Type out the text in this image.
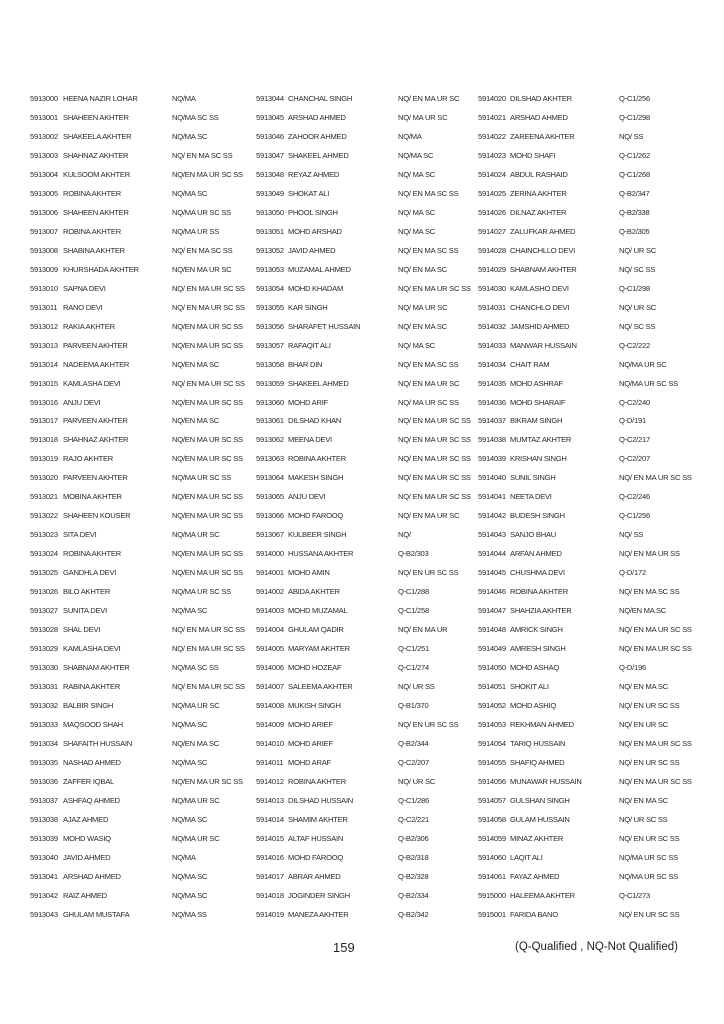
5913000 HEENA NAZIR LOHAR	NQ/MA
5913001 SHAHEEN AKHTER	NQ/MA SC SS
5913002 SHAKEELA AKHTER	NQ/MA SC
5913003 SHAHNAZ AKHTER	NQ/ EN MA SC SS
5913004 KULSOOM AKHTER	NQ/EN MA UR SC SS
5913005 ROBINA AKHTER	NQ/MA SC
5913006 SHAHEEN AKHTER	NQ/MA UR SC SS
5913007 ROBINA AKHTER	NQ/MA UR SS
5913008 SHABINA AKHTER	NQ/ EN MA SC SS
5913009 KHURSHADA AKHTER	NQ/EN MA UR SC
5913010 SAPNA DEVI	NQ/ EN MA UR SC SS
5913011 RANO DEVI	NQ/ EN MA UR SC SS
5913012 RAKIA AKHTER	NQ/EN MA UR SC SS
5913013 PARVEEN AKHTER	NQ/EN MA UR SC SS
5913014 NADEEMA AKHTER	NQ/EN MA SC
5913015 KAMLASHA DEVI	NQ/ EN MA UR SC SS
5913016 ANJU DEVI	NQ/EN MA UR SC SS
5913017 PARVEEN AKHTER	NQ/EN MA SC
5913018 SHAHNAZ AKHTER	NQ/EN MA UR SC SS
5913019 RAJO AKHTER	NQ/EN MA UR SC SS
5913020 PARVEEN AKHTER	NQ/MA UR SC SS
5913021 MOBINA AKHTER	NQ/EN MA UR SC SS
5913022 SHAHEEN KOUSER	NQ/EN MA UR SC SS
5913023 SITA DEVI	NQ/MA UR SC
5913024 ROBINA AKHTER	NQ/EN MA UR SC SS
5913025 GANDHLA DEVI	NQ/EN MA UR SC SS
5913026 BILO AKHTER	NQ/MA UR SC SS
5913027 SUNITA DEVI	NQ/MA SC
5913028 SHAL DEVI	NQ/ EN MA UR SC SS
5913029 KAMLASHA DEVI	NQ/ EN MA UR SC SS
5913030 SHABNAM AKHTER	NQ/MA SC SS
5913031 RABINA AKHTER	NQ/ EN MA UR SC SS
5913032 BALBIR SINGH	NQ/MA UR SC
5913033 MAQSOOD SHAH	NQ/MA SC
5913034 SHAFAITH HUSSAIN	NQ/EN MA SC
5913035 NASHAD AHMED	NQ/MA SC
5913036 ZAFFER IQBAL	NQ/EN MA UR SC SS
5913037 ASHFAQ AHMED	NQ/MA UR SC
5913038 AJAZ AHMED	NQ/MA SC
5913039 MOHD WASIQ	NQ/MA UR SC
5913040 JAVID AHMED	NQ/MA
5913041 ARSHAD AHMED	NQ/MA SC
5913042 RAIZ AHMED	NQ/MA SC
5913043 GHULAM MUSTAFA	NQ/MA SS
5913044 CHANCHAL SINGH	NQ/ EN MA UR SC
5913045 ARSHAD AHMED	NQ/ MA UR SC
5913046 ZAHOOR AHMED	NQ/MA
5913047 SHAKEEL AHMED	NQ/MA SC
5913048 REYAZ AHMED	NQ/ MA SC
5913049 SHOKAT ALI	NQ/ EN MA SC SS
5913050 PHOOL SINGH	NQ/ MA SC
5913051 MOHD ARSHAD	NQ/ MA SC
5913052 JAVID AHMED	NQ/ EN MA SC SS
5913053 MUZAMAL AHMED	NQ/ EN MA SC
5913054 MOHD KHADAM	NQ/ EN MA UR SC SS
5913055 KAR SINGH	NQ/ MA UR SC
5913056 SHARAFET HUSSAIN	NQ/ EN MA SC
5913057 RAFAQIT ALI	NQ/ MA SC
5913058 BHAR DIN	NQ/ EN MA SC SS
5913059 SHAKEEL AHMED	NQ/ EN MA UR SC
5913060 MOHD ARIF	NQ/ MA UR SC SS
5913061 DILSHAD KHAN	NQ/ EN MA UR SC SS
5913062 MEENA DEVI	NQ/ EN MA UR SC SS
5913063 ROBINA AKHTER	NQ/ EN MA UR SC SS
5913064 MAKESH SINGH	NQ/ EN MA UR SC SS
5913065 ANJU DEVI	NQ/ EN MA UR SC SS
5913066 MOHD FAROOQ	NQ/ EN MA UR SC
5913067 KULBEER SINGH	NQ/
5914000 HUSSANA AKHTER	Q-B2/303
5914001 MOHD AMIN	NQ/ EN UR SC SS
5914002 ABIDA AKHTER	Q-C1/288
5914003 MOHD MUZAMAL	Q-C1/258
5914004 GHULAM QADIR	NQ/ EN MA UR
5914005 MARYAM AKHTER	Q-C1/251
5914006 MOHD HOZEAF	Q-C1/274
5914007 SALEEMA AKHTER	NQ/ UR SS
5914008 MUKISH SINGH	Q-B1/370
5914009 MOHD ARIEF	NQ/ EN UR SC SS
5914010 MOHD ARIEF	Q-B2/344
5914011 MOHD ARAF	Q-C2/207
5914012 ROBINA AKHTER	NQ/ UR SC
5914013 DILSHAD HUSSAIN	Q-C1/286
5914014 SHAMIM AKHTER	Q-C2/221
5914015 ALTAF HUSSAIN	Q-B2/306
5914016 MOHD FAROOQ	Q-B2/318
5914017 ABRAR AHMED	Q-B2/328
5914018 JOGINDER SINGH	Q-B2/334
5914019 MANEZA AKHTER	Q-B2/342
5914020 DILSHAD AKHTER	Q-C1/256
5914021 ARSHAD AHMED	Q-C1/298
5914022 ZAREENA AKHTER	NQ/ SS
5914023 MOHD SHAFI	Q-C1/262
5914024 ABDUL RASHAID	Q-C1/268
5914025 ZERINA AKHTER	Q-B2/347
5914026 DILNAZ AKHTER	Q-B2/338
5914027 ZALUFKAR AHMED	Q-B2/305
5914028 CHAINCHLLO DEVI	NQ/ UR SC
5914029 SHABNAM AKHTER	NQ/ SC SS
5914030 KAMLASHO DEVI	Q-C1/298
5914031 CHANCHLO DEVI	NQ/ UR SC
5914032 JAMSHID AHMED	NQ/ SC SS
5914033 MANWAR HUSSAIN	Q-C2/222
5914034 CHAIT RAM	NQ/MA UR SC
5914035 MOHD ASHRAF	NQ/MA UR SC SS
5914036 MOHD SHARAIF	Q-C2/240
5914037 BIKRAM SINGH	Q-D/191
5914038 MUMTAZ AKHTER	Q-C2/217
5914039 KRISHAN SINGH	Q-C2/207
5914040 SUNIL SINGH	NQ/ EN MA UR SC SS
5914041 NEETA DEVI	Q-C2/246
5914042 BUDESH SINGH	Q-C1/256
5914043 SANJO BHAU	NQ/ SS
5914044 ARFAN AHMED	NQ/ EN MA UR SS
5914045 CHUSHMA DEVI	Q-D/172
5914046 ROBINA AKHTER	NQ/ EN MA SC SS
5914047 SHAHZIA AKHTER	NQ/EN MA SC
5914048 AMRICK SINGH	NQ/ EN MA UR SC SS
5914049 AMRESH SINGH	NQ/ EN MA UR SC SS
5914050 MOHD ASHAQ	Q-D/196
5914051 SHOKIT ALI	NQ/ EN MA SC
5914052 MOHD ASHIQ	NQ/ EN UR SC SS
5914053 REKHMAN AHMED	NQ/ EN UR SC
5914054 TARIQ HUSSAIN	NQ/ EN MA UR SC SS
5914055 SHAFIQ AHMED	NQ/ EN UR SC SS
5914056 MUNAWAR HUSSAIN	NQ/ EN MA UR SC SS
5914057 GULSHAN SINGH	NQ/ EN MA SC
5914058 GULAM HUSSAIN	NQ/ UR SC SS
5914059 MINAZ AKHTER	NQ/ EN UR SC SS
5914060 LAQIT ALI	NQ/MA UR SC SS
5914061 FAYAZ AHMED	NQ/MA UR SC SS
5915000 HALEEMA AKHTER	Q-C1/273
5915001 FARIDA BANO	NQ/ EN UR SC SS
159	(Q-Qualified , NQ-Not Qualified)
